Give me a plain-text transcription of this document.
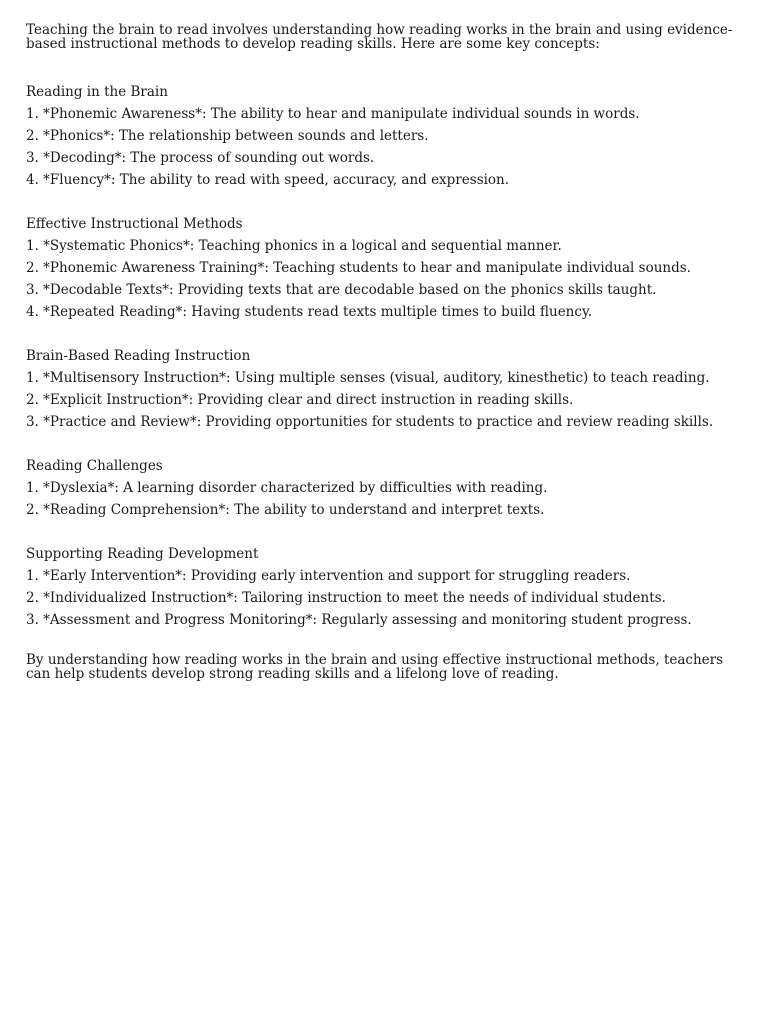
Teaching the brain to read involves understanding how reading works in the brain and using evidence-based instructional methods to develop reading skills. Here are some key concepts:

Reading in the Brain

1. *Phonemic Awareness*: The ability to hear and manipulate individual sounds in words.
2. *Phonics*: The relationship between sounds and letters.
3. *Decoding*: The process of sounding out words.
4. *Fluency*: The ability to read with speed, accuracy, and expression.

Effective Instructional Methods

1. *Systematic Phonics*: Teaching phonics in a logical and sequential manner.
2. *Phonemic Awareness Training*: Teaching students to hear and manipulate individual sounds.
3. *Decodable Texts*: Providing texts that are decodable based on the phonics skills taught.
4. *Repeated Reading*: Having students read texts multiple times to build fluency.

Brain-Based Reading Instruction

1. *Multisensory Instruction*: Using multiple senses (visual, auditory, kinesthetic) to teach reading.
2. *Explicit Instruction*: Providing clear and direct instruction in reading skills.
3. *Practice and Review*: Providing opportunities for students to practice and review reading skills.

Reading Challenges

1. *Dyslexia*: A learning disorder characterized by difficulties with reading.
2. *Reading Comprehension*: The ability to understand and interpret texts.

Supporting Reading Development

1. *Early Intervention*: Providing early intervention and support for struggling readers.
2. *Individualized Instruction*: Tailoring instruction to meet the needs of individual students.
3. *Assessment and Progress Monitoring*: Regularly assessing and monitoring student progress.

By understanding how reading works in the brain and using effective instructional methods, teachers can help students develop strong reading skills and a lifelong love of reading.
